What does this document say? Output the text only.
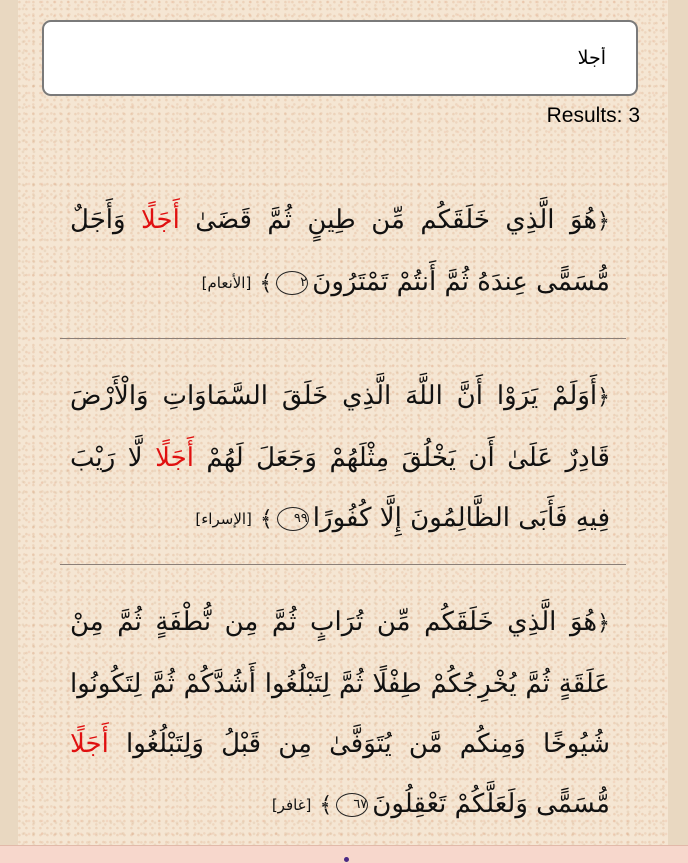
أجلا
Results: 3
﴿هُوَ الَّذِي خَلَقَكُم مِّن طِينٍ ثُمَّ قَضَىٰ أَجَلًا وَأَجَلٌ مُّسَمًّى عِندَهُ ثُمَّ أَنتُمْ تَمْتَرُونَ٢﴾[الأنعام]
﴿أَوَلَمْ يَرَوْا أَنَّ اللَّهَ الَّذِي خَلَقَ السَّمَاوَاتِ وَالْأَرْضَ قَادِرٌ عَلَىٰ أَن يَخْلُقَ مِثْلَهُمْ وَجَعَلَ لَهُمْ أَجَلًا لَّا رَيْبَ فِيهِ فَأَبَى الظَّالِمُونَ إِلَّا كُفُورًا٩٩﴾[الإسراء]
﴿هُوَ الَّذِي خَلَقَكُم مِّن تُرَابٍ ثُمَّ مِن نُّطْفَةٍ ثُمَّ مِنْ عَلَقَةٍ ثُمَّ يُخْرِجُكُمْ طِفْلًا ثُمَّ لِتَبْلُغُوا أَشُدَّكُمْ ثُمَّ لِتَكُونُوا شُيُوخًا وَمِنكُم مَّن يُتَوَفَّىٰ مِن قَبْلُ وَلِتَبْلُغُوا أَجَلًا مُّسَمًّى وَلَعَلَّكُمْ تَعْقِلُونَ٦٧﴾[غافر]
